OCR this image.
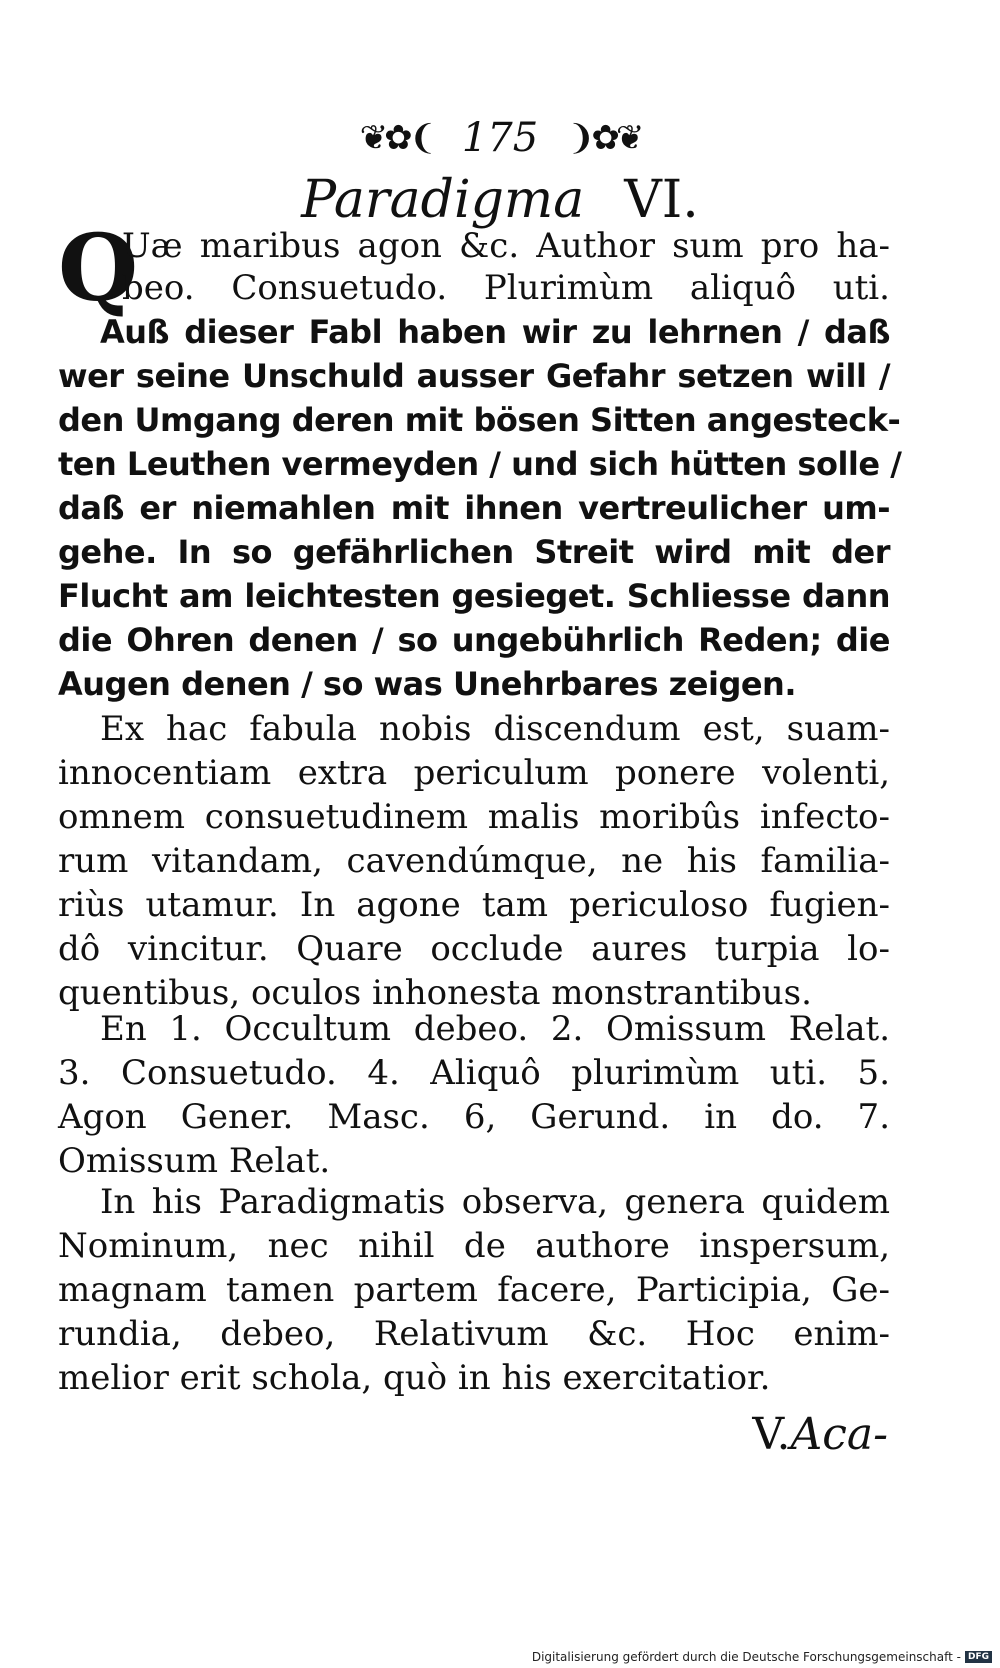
❦✿❨ 175 ❩✿❦
Paradigma VI.
Q
Uæ maribus agon &c. Author sum pro ha-
beo. Consuetudo. Plurimùm aliquô uti.
Auß dieser Fabl haben wir zu lehrnen / daß
wer seine Unschuld ausser Gefahr setzen will /
den Umgang deren mit bösen Sitten angesteck-
ten Leuthen vermeyden / und sich hütten solle /
daß er niemahlen mit ihnen vertreulicher um-
gehe. In so gefährlichen Streit wird mit der
Flucht am leichtesten gesieget. Schliesse dann
die Ohren denen / so ungebührlich Reden; die
Augen denen / so was Unehrbares zeigen.
Ex hac fabula nobis discendum est, suam-
innocentiam extra periculum ponere volenti,
omnem consuetudinem malis moribûs infecto-
rum vitandam, cavendúmque, ne his familia-
riùs utamur. In agone tam periculoso fugien-
dô vincitur. Quare occlude aures turpia lo-
quentibus, oculos inhonesta monstrantibus.
En 1. Occultum debeo. 2. Omissum Relat.
3. Consuetudo. 4. Aliquô plurimùm uti. 5.
Agon Gener. Masc. 6, Gerund. in do. 7.
Omissum Relat.
In his Paradigmatis observa, genera quidem
Nominum, nec nihil de authore inspersum,
magnam tamen partem facere, Participia, Ge-
rundia, debeo, Relativum &c. Hoc enim-
melior erit schola, quò in his exercitatior.
V.Aca-
Digitalisierung gefördert durch die Deutsche Forschungsgemeinschaft - DFG
